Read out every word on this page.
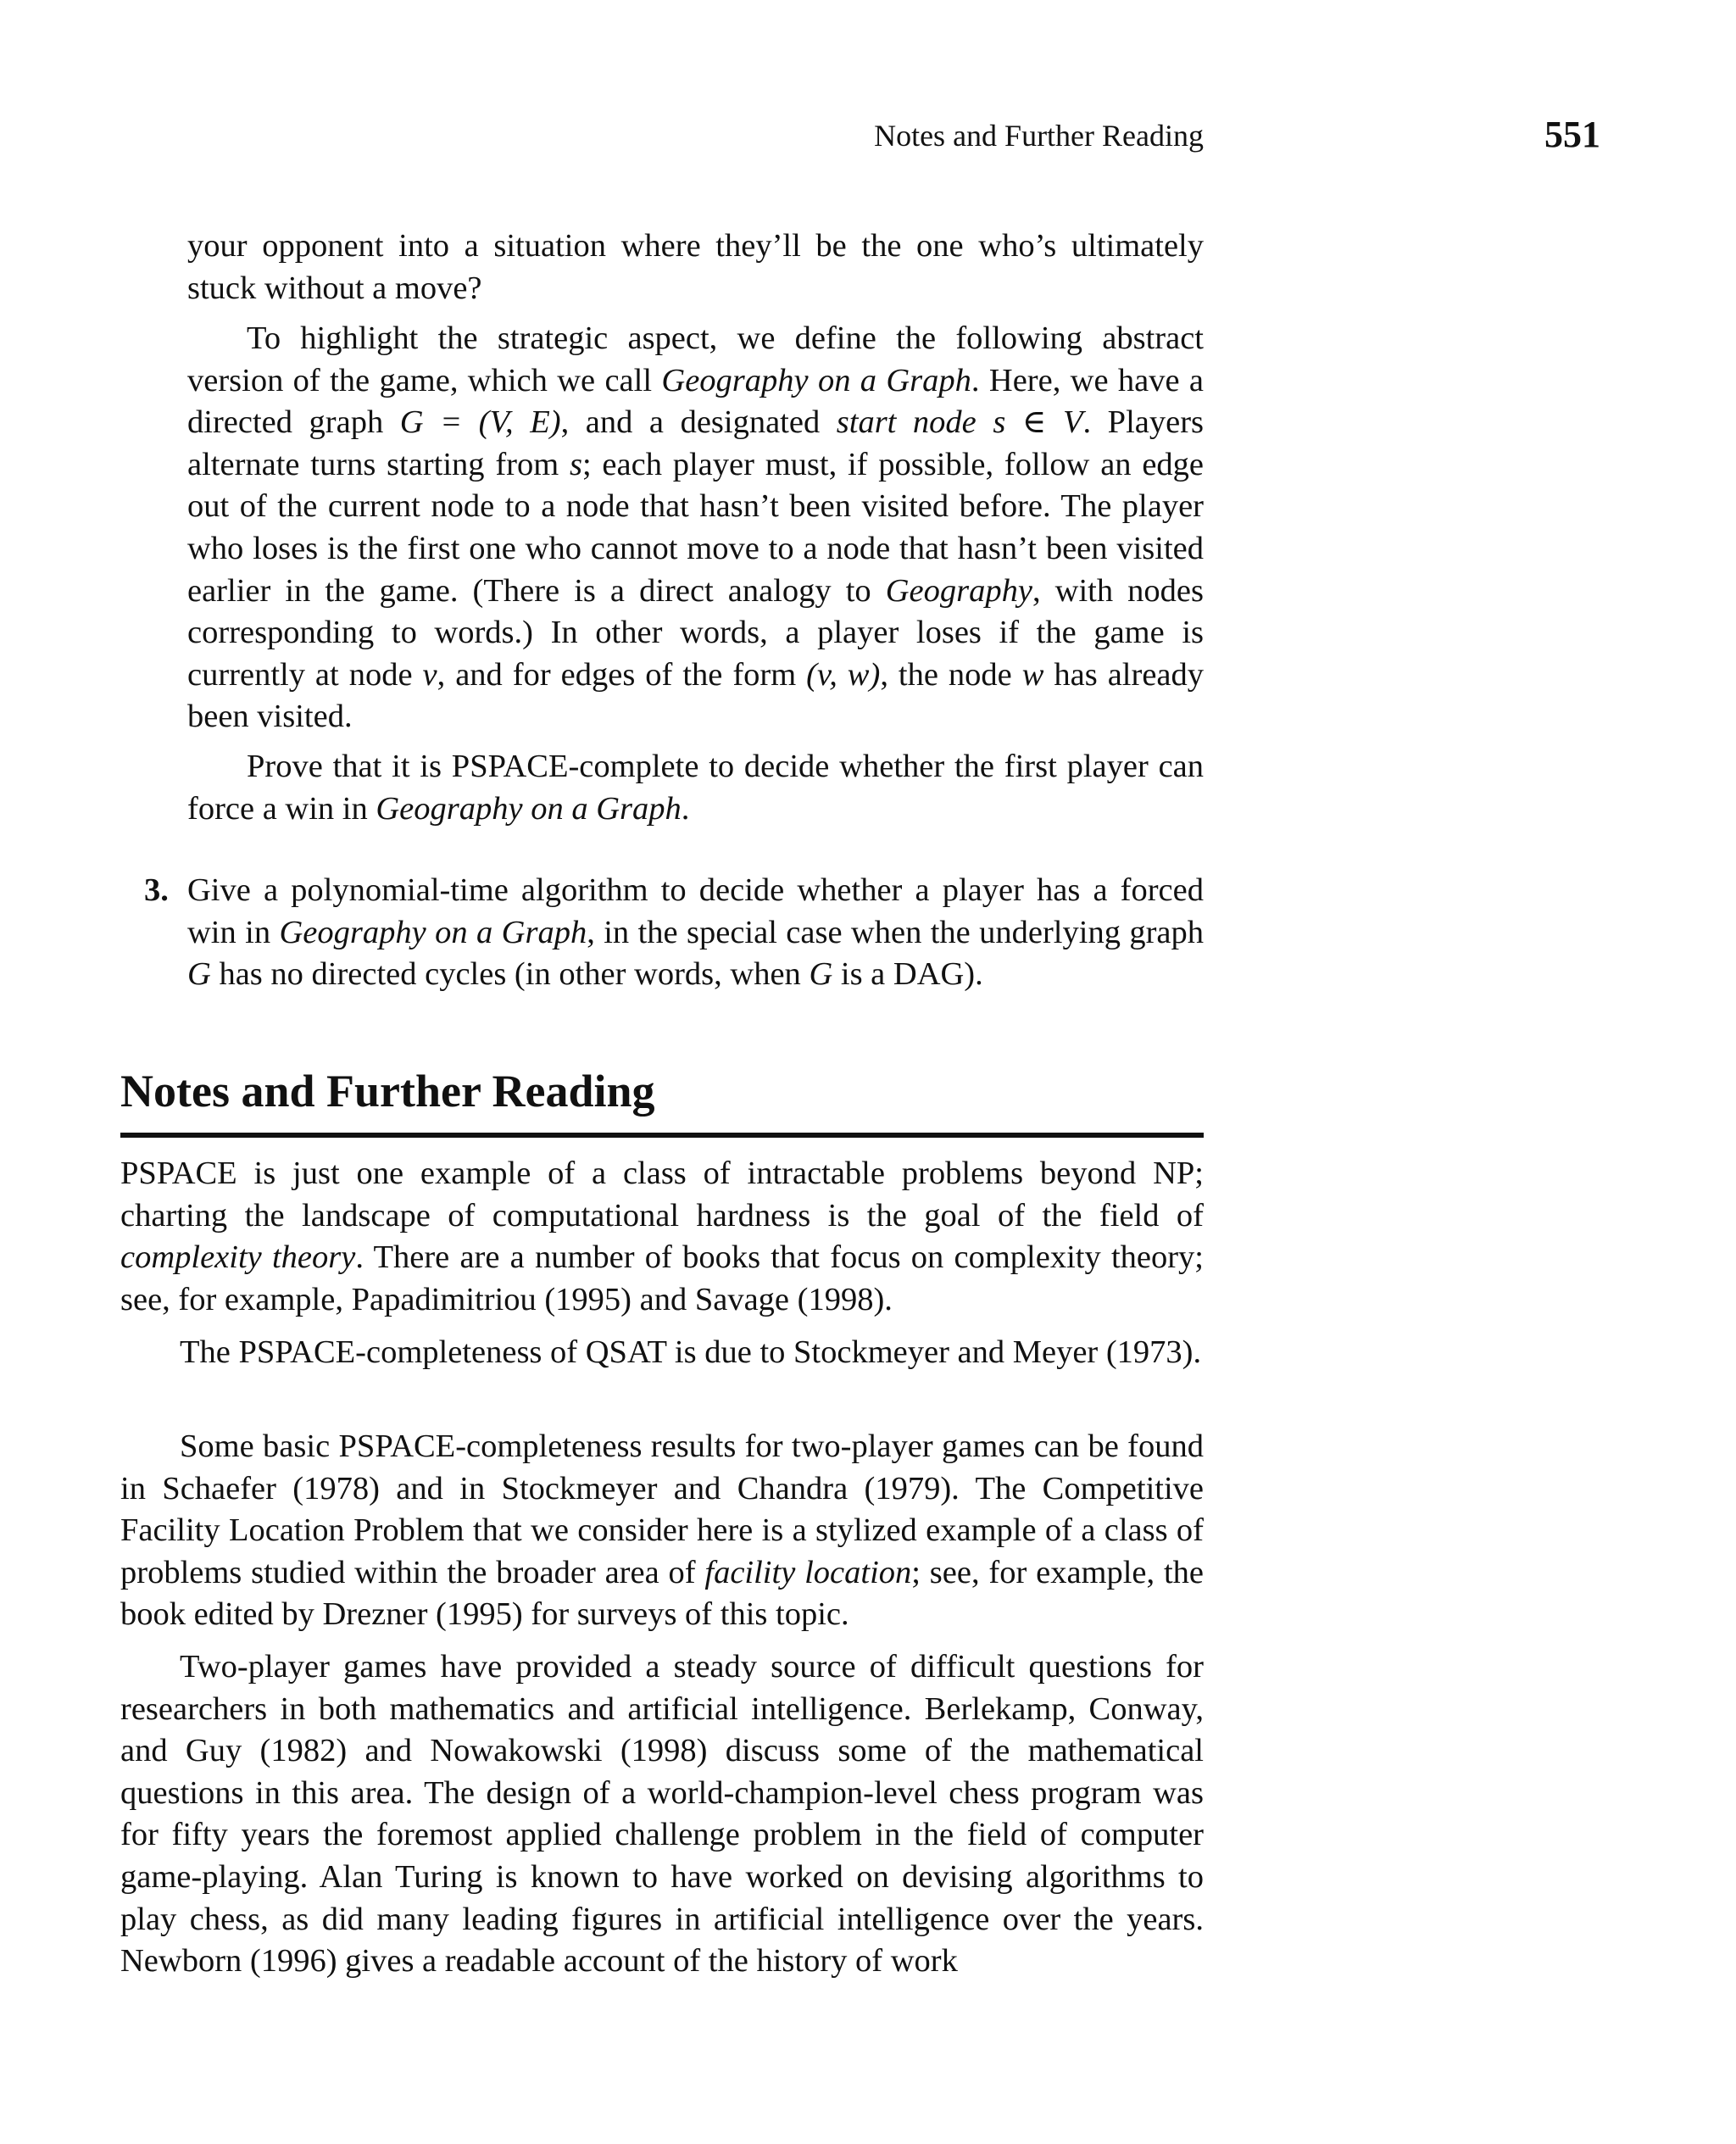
Notes and Further Reading	551

your opponent into a situation where they’ll be the one who’s ultimately stuck without a move?

To highlight the strategic aspect, we define the following abstract version of the game, which we call Geography on a Graph. Here, we have a directed graph G = (V, E), and a designated start node s ∈ V. Players alternate turns starting from s; each player must, if possible, follow an edge out of the current node to a node that hasn’t been visited before. The player who loses is the first one who cannot move to a node that hasn’t been visited earlier in the game. (There is a direct analogy to Geography, with nodes corresponding to words.) In other words, a player loses if the game is currently at node v, and for edges of the form (v, w), the node w has already been visited.

Prove that it is PSPACE-complete to decide whether the first player can force a win in Geography on a Graph.

3. Give a polynomial-time algorithm to decide whether a player has a forced win in Geography on a Graph, in the special case when the underlying graph G has no directed cycles (in other words, when G is a DAG).

Notes and Further Reading

PSPACE is just one example of a class of intractable problems beyond NP; charting the landscape of computational hardness is the goal of the field of complexity theory. There are a number of books that focus on complexity theory; see, for example, Papadimitriou (1995) and Savage (1998).

The PSPACE-completeness of QSAT is due to Stockmeyer and Meyer (1973).

Some basic PSPACE-completeness results for two-player games can be found in Schaefer (1978) and in Stockmeyer and Chandra (1979). The Competitive Facility Location Problem that we consider here is a stylized example of a class of problems studied within the broader area of facility location; see, for example, the book edited by Drezner (1995) for surveys of this topic.

Two-player games have provided a steady source of difficult questions for researchers in both mathematics and artificial intelligence. Berlekamp, Conway, and Guy (1982) and Nowakowski (1998) discuss some of the mathematical questions in this area. The design of a world-champion-level chess program was for fifty years the foremost applied challenge problem in the field of computer game-playing. Alan Turing is known to have worked on devising algorithms to play chess, as did many leading figures in artificial intelligence over the years. Newborn (1996) gives a readable account of the history of work
